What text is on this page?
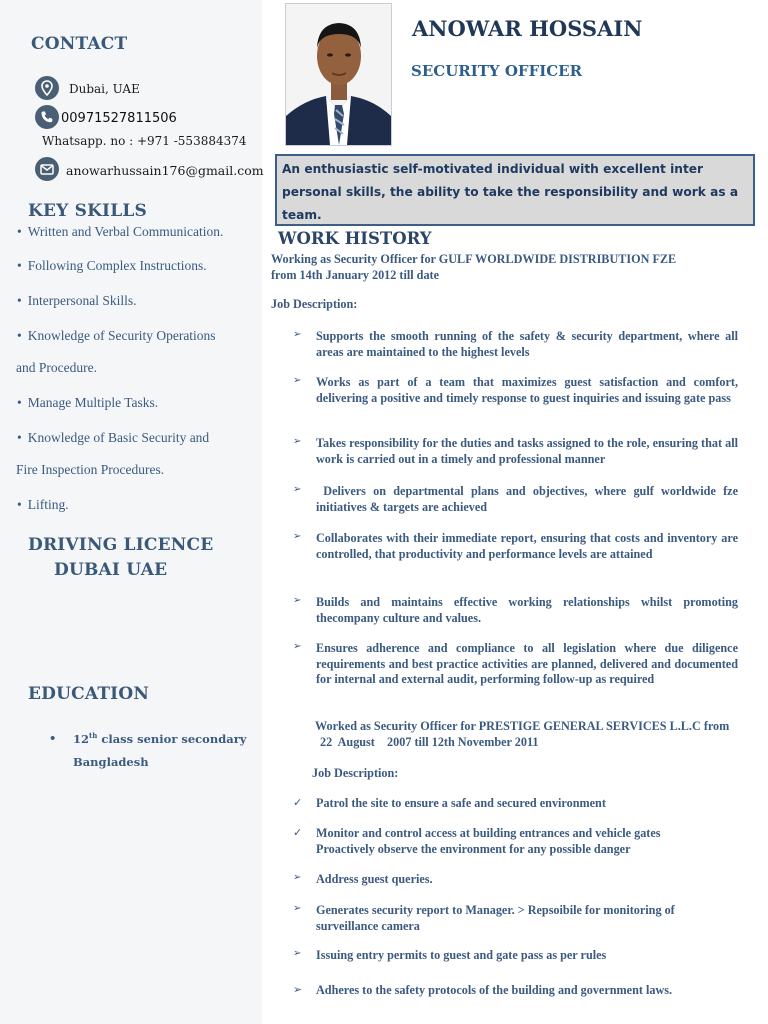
CONTACT
Dubai, UAE
00971527811506
Whatsapp. no : +971 -553884374
anowarhussain176@gmail.com
KEY SKILLS
• Written and Verbal Communication.
• Following Complex Instructions.
• Interpersonal Skills.
• Knowledge of Security Operations
and Procedure.
• Manage Multiple Tasks.
• Knowledge of Basic Security and
Fire Inspection Procedures.
• Lifting.
DRIVING LICENCE
DUBAI UAE
EDUCATION
• 12th class senior secondary
Bangladesh
ANOWAR HOSSAIN
SECURITY OFFICER
An enthusiastic self-motivated individual with excellent inter personal skills, the ability to take the responsibility and work as a team.
WORK HISTORY
Working as Security Officer for GULF WORLDWIDE DISTRIBUTION FZE
from 14th January 2012 till date
Job Description:
➢ Supports the smooth running of the safety & security department, where all areas are maintained to the highest levels
➢ Works as part of a team that maximizes guest satisfaction and comfort, delivering a positive and timely response to guest inquiries and issuing gate pass
➢ Takes responsibility for the duties and tasks assigned to the role, ensuring that all work is carried out in a timely and professional manner
➢ Delivers on departmental plans and objectives, where gulf worldwide fze initiatives & targets are achieved
➢ Collaborates with their immediate report, ensuring that costs and inventory are controlled, that productivity and performance levels are attained
➢ Builds and maintains effective working relationships whilst promoting thecompany culture and values.
➢ Ensures adherence and compliance to all legislation where due diligence requirements and best practice activities are planned, delivered and documented for internal and external audit, performing follow-up as required
Worked as Security Officer for PRESTIGE GENERAL SERVICES L.L.C from
22  August    2007 till 12th November 2011
Job Description:
✓ Patrol the site to ensure a safe and secured environment
✓ Monitor and control access at building entrances and vehicle gates Proactively observe the environment for any possible danger
➢ Address guest queries.
➢ Generates security report to Manager. > Repsoibile for monitoring of surveillance camera
➢ Issuing entry permits to guest and gate pass as per rules
➢ Adheres to the safety protocols of the building and government laws.
